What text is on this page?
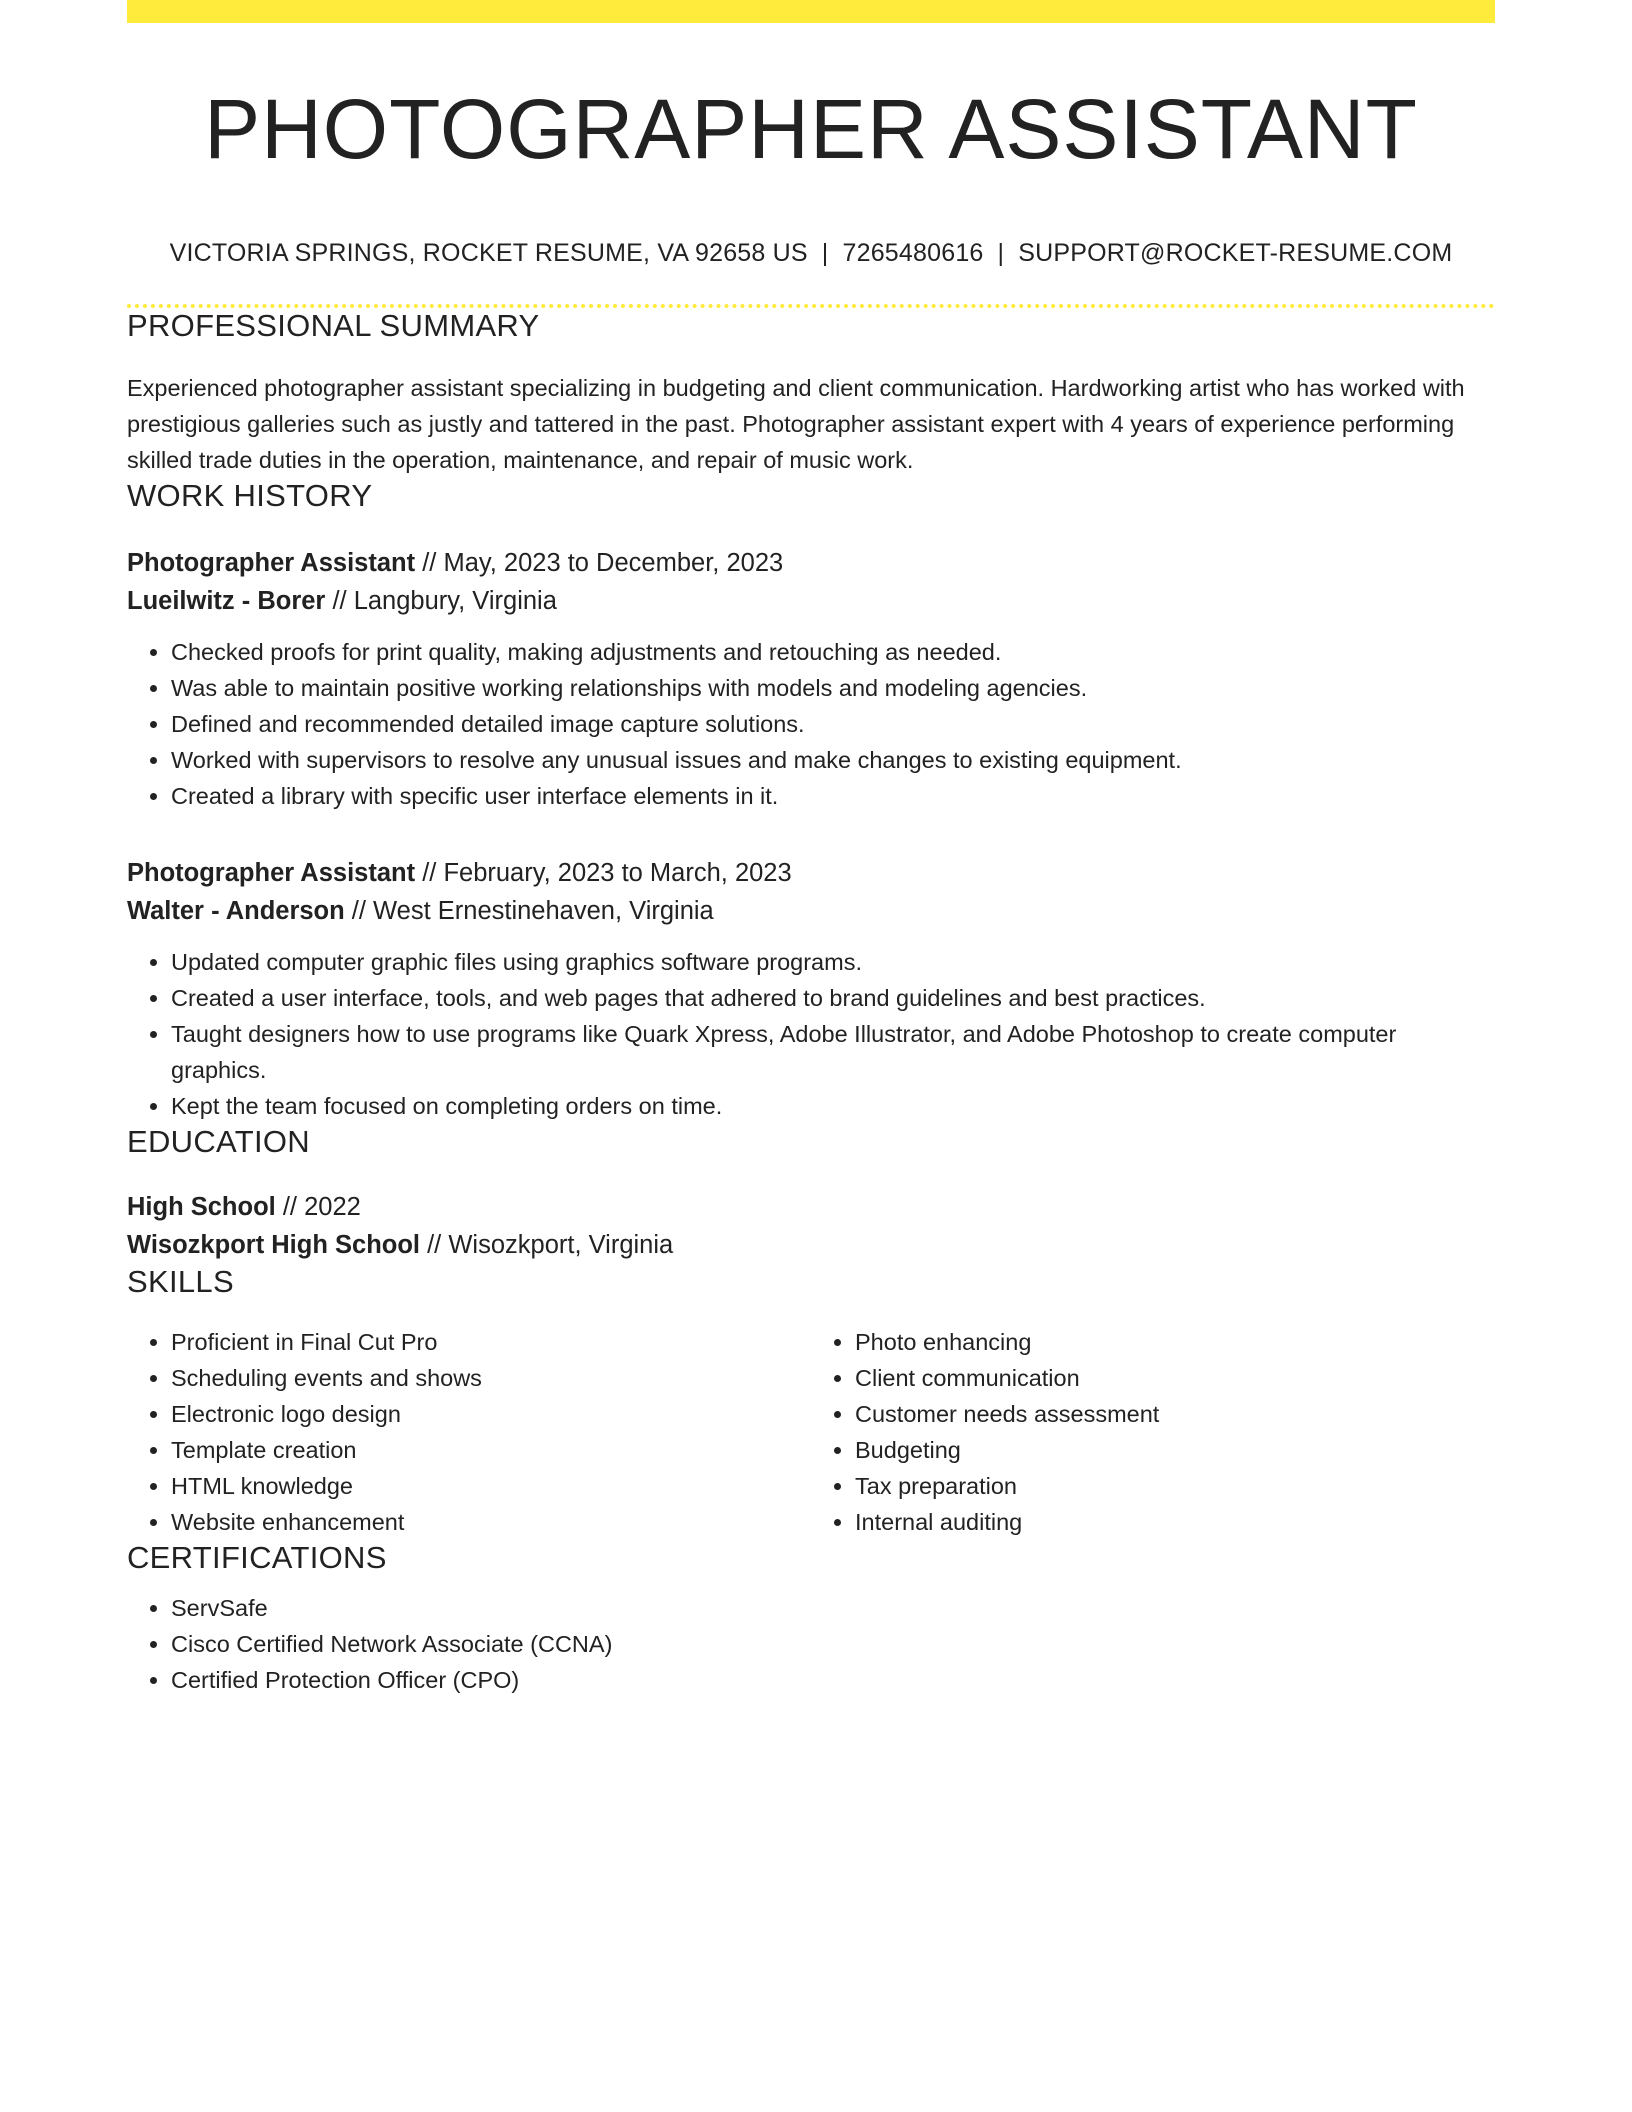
PHOTOGRAPHER ASSISTANT
VICTORIA SPRINGS, ROCKET RESUME, VA 92658 US | 7265480616 | SUPPORT@ROCKET-RESUME.COM
PROFESSIONAL SUMMARY
Experienced photographer assistant specializing in budgeting and client communication. Hardworking artist who has worked with prestigious galleries such as justly and tattered in the past. Photographer assistant expert with 4 years of experience performing skilled trade duties in the operation, maintenance, and repair of music work.
WORK HISTORY
Photographer Assistant // May, 2023 to December, 2023
Lueilwitz - Borer // Langbury, Virginia
• Checked proofs for print quality, making adjustments and retouching as needed.
• Was able to maintain positive working relationships with models and modeling agencies.
• Defined and recommended detailed image capture solutions.
• Worked with supervisors to resolve any unusual issues and make changes to existing equipment.
• Created a library with specific user interface elements in it.
Photographer Assistant // February, 2023 to March, 2023
Walter - Anderson // West Ernestinehaven, Virginia
• Updated computer graphic files using graphics software programs.
• Created a user interface, tools, and web pages that adhered to brand guidelines and best practices.
• Taught designers how to use programs like Quark Xpress, Adobe Illustrator, and Adobe Photoshop to create computer graphics.
• Kept the team focused on completing orders on time.
EDUCATION
High School // 2022
Wisozkport High School // Wisozkport, Virginia
SKILLS
• Proficient in Final Cut Pro
• Scheduling events and shows
• Electronic logo design
• Template creation
• HTML knowledge
• Website enhancement
• Photo enhancing
• Client communication
• Customer needs assessment
• Budgeting
• Tax preparation
• Internal auditing
CERTIFICATIONS
• ServSafe
• Cisco Certified Network Associate (CCNA)
• Certified Protection Officer (CPO)
